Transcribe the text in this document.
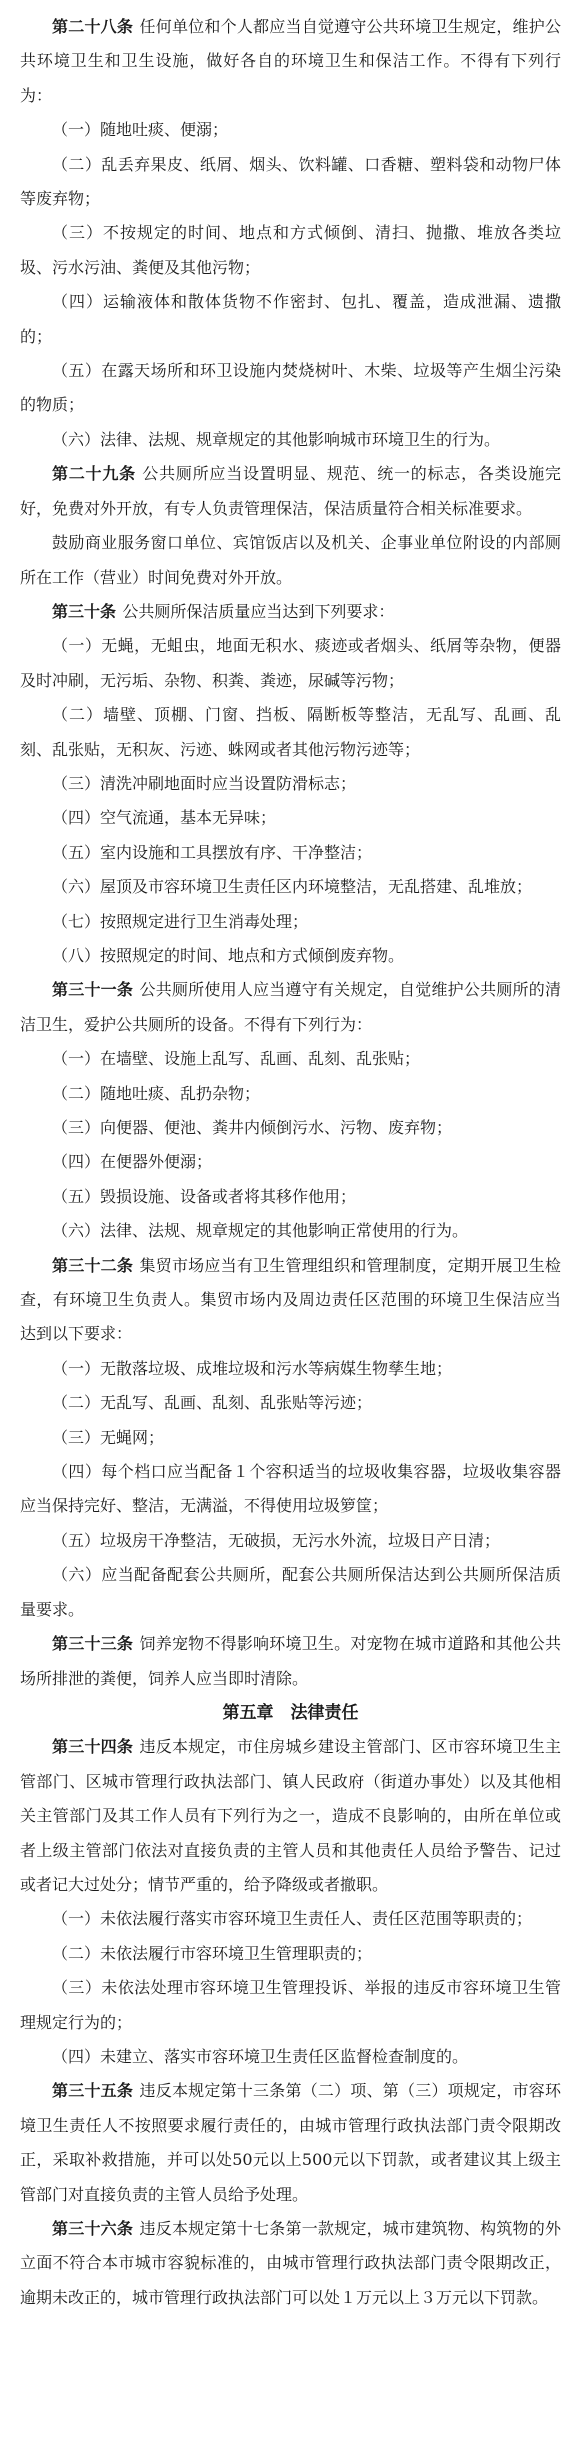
第二十八条 任何单位和个人都应当自觉遵守公共环境卫生规定，维护公共环境卫生和卫生设施，做好各自的环境卫生和保洁工作。不得有下列行为：

（一）随地吐痰、便溺；

（二）乱丢弃果皮、纸屑、烟头、饮料罐、口香糖、塑料袋和动物尸体等废弃物；

（三）不按规定的时间、地点和方式倾倒、清扫、抛撒、堆放各类垃圾、污水污油、粪便及其他污物；

（四）运输液体和散体货物不作密封、包扎、覆盖，造成泄漏、遗撒的；

（五）在露天场所和环卫设施内焚烧树叶、木柴、垃圾等产生烟尘污染的物质；

（六）法律、法规、规章规定的其他影响城市环境卫生的行为。

第二十九条 公共厕所应当设置明显、规范、统一的标志，各类设施完好，免费对外开放，有专人负责管理保洁，保洁质量符合相关标准要求。

鼓励商业服务窗口单位、宾馆饭店以及机关、企事业单位附设的内部厕所在工作（营业）时间免费对外开放。

第三十条 公共厕所保洁质量应当达到下列要求：

（一）无蝇，无蛆虫，地面无积水、痰迹或者烟头、纸屑等杂物，便器及时冲刷，无污垢、杂物、积粪、粪迹，尿碱等污物；

（二）墙壁、顶棚、门窗、挡板、隔断板等整洁，无乱写、乱画、乱刻、乱张贴，无积灰、污迹、蛛网或者其他污物污迹等；

（三）清洗冲刷地面时应当设置防滑标志；

（四）空气流通，基本无异味；

（五）室内设施和工具摆放有序、干净整洁；

（六）屋顶及市容环境卫生责任区内环境整洁，无乱搭建、乱堆放；

（七）按照规定进行卫生消毒处理；

（八）按照规定的时间、地点和方式倾倒废弃物。

第三十一条 公共厕所使用人应当遵守有关规定，自觉维护公共厕所的清洁卫生，爱护公共厕所的设备。不得有下列行为：

（一）在墙壁、设施上乱写、乱画、乱刻、乱张贴；

（二）随地吐痰、乱扔杂物；

（三）向便器、便池、粪井内倾倒污水、污物、废弃物；

（四）在便器外便溺；

（五）毁损设施、设备或者将其移作他用；

（六）法律、法规、规章规定的其他影响正常使用的行为。

第三十二条 集贸市场应当有卫生管理组织和管理制度，定期开展卫生检查，有环境卫生负责人。集贸市场内及周边责任区范围的环境卫生保洁应当达到以下要求：

（一）无散落垃圾、成堆垃圾和污水等病媒生物孳生地；

（二）无乱写、乱画、乱刻、乱张贴等污迹；

（三）无蝇网；

（四）每个档口应当配备１个容积适当的垃圾收集容器，垃圾收集容器应当保持完好、整洁，无满溢，不得使用垃圾箩筐；

（五）垃圾房干净整洁，无破损，无污水外流，垃圾日产日清；

（六）应当配备配套公共厕所，配套公共厕所保洁达到公共厕所保洁质量要求。

第三十三条 饲养宠物不得影响环境卫生。对宠物在城市道路和其他公共场所排泄的粪便，饲养人应当即时清除。

第五章　法律责任

第三十四条 违反本规定，市住房城乡建设主管部门、区市容环境卫生主管部门、区城市管理行政执法部门、镇人民政府（街道办事处）以及其他相关主管部门及其工作人员有下列行为之一，造成不良影响的，由所在单位或者上级主管部门依法对直接负责的主管人员和其他责任人员给予警告、记过或者记大过处分；情节严重的，给予降级或者撤职。

（一）未依法履行落实市容环境卫生责任人、责任区范围等职责的；

（二）未依法履行市容环境卫生管理职责的；

（三）未依法处理市容环境卫生管理投诉、举报的违反市容环境卫生管理规定行为的；

（四）未建立、落实市容环境卫生责任区监督检查制度的。

第三十五条 违反本规定第十三条第（二）项、第（三）项规定，市容环境卫生责任人不按照要求履行责任的，由城市管理行政执法部门责令限期改正，采取补救措施，并可以处50元以上500元以下罚款，或者建议其上级主管部门对直接负责的主管人员给予处理。

第三十六条 违反本规定第十七条第一款规定，城市建筑物、构筑物的外立面不符合本市城市容貌标准的，由城市管理行政执法部门责令限期改正，逾期未改正的，城市管理行政执法部门可以处１万元以上３万元以下罚款。
